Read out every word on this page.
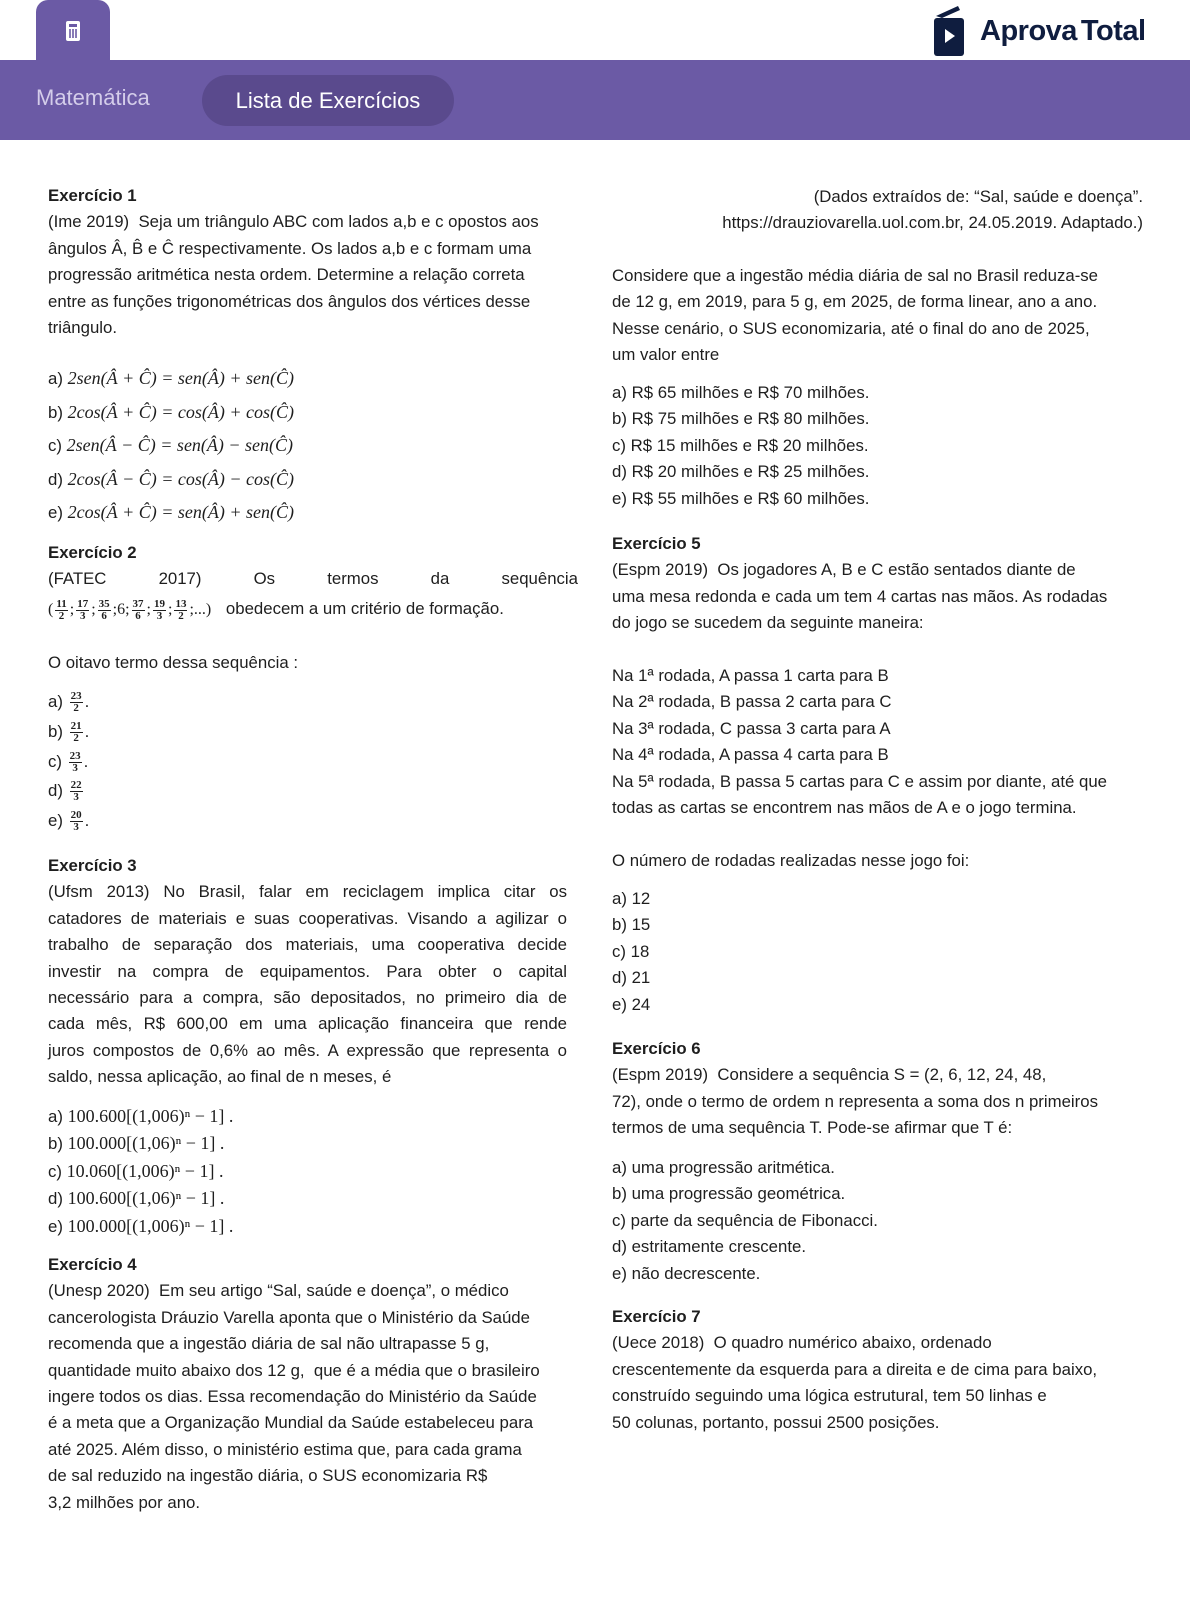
Matemática	Lista de Exercícios
Aprova Total
Exercício 1
(Ime 2019)  Seja um triângulo ABC com lados a,b e c opostos aos
ângulos Â, B̂ e Ĉ respectivamente. Os lados a,b e c formam uma
progressão aritmética nesta ordem. Determine a relação correta
entre as funções trigonométricas dos ângulos dos vértices desse
triângulo.
a) 2sen(Â + Ĉ) = sen(Â) + sen(Ĉ)
b) 2cos(Â + Ĉ) = cos(Â) + cos(Ĉ)
c) 2sen(Â − Ĉ) = sen(Â) − sen(Ĉ)
d) 2cos(Â − Ĉ) = cos(Â) − cos(Ĉ)
e) 2cos(Â + Ĉ) = sen(Â) + sen(Ĉ)
Exercício 2
(FATEC	2017)	Os	termos	da	sequência
( $\frac{11}{2}$ ; $\frac{17}{3}$ ; $\frac{35}{6}$ ;6; $\frac{37}{6}$ ; $\frac{19}{3}$ ; $\frac{13}{2}$ ;...) obedecem a um critério de formação.
O oitavo termo dessa sequência :
$a) \frac{23}{2}$ .
$b) \frac{21}{2}$ .
$c) \frac{23}{3}$ .
$d) \frac{22}{3}$
$e) \frac{20}{3}$ .
Exercício 3
(Ufsm 2013) No Brasil, falar em reciclagem implica citar os
catadores de materiais e suas cooperativas. Visando a agilizar o
trabalho de separação dos materiais, uma cooperativa decide
investir na compra de equipamentos. Para obter o capital
necessário para a compra, são depositados, no primeiro dia de
cada mês, R$ 600,00 em uma aplicação financeira que rende
juros compostos de 0,6% ao mês. A expressão que representa o
saldo, nessa aplicação, ao final de n meses, é
a) 100.600[(1,006)ⁿ − 1] .
b) 100.000[(1,06)ⁿ − 1] .
c) 10.060[(1,006)ⁿ − 1] .
d) 100.600[(1,06)ⁿ − 1] .
e) 100.000[(1,006)ⁿ − 1] .
Exercício 4
(Unesp 2020)  Em seu artigo “Sal, saúde e doença”, o médico
cancerologista Dráuzio Varella aponta que o Ministério da Saúde
recomenda que a ingestão diária de sal não ultrapasse 5 g,
quantidade muito abaixo dos 12 g,  que é a média que o brasileiro
ingere todos os dias. Essa recomendação do Ministério da Saúde
é a meta que a Organização Mundial da Saúde estabeleceu para
até 2025. Além disso, o ministério estima que, para cada grama
de sal reduzido na ingestão diária, o SUS economizaria R$
3,2 milhões por ano.
(Dados extraídos de: “Sal, saúde e doença”.
https://drauziovarella.uol.com.br, 24.05.2019. Adaptado.)
Considere que a ingestão média diária de sal no Brasil reduza-se
de 12 g, em 2019, para 5 g, em 2025, de forma linear, ano a ano.
Nesse cenário, o SUS economizaria, até o final do ano de 2025,
um valor entre
a) R$ 65 milhões e R$ 70 milhões.
b) R$ 75 milhões e R$ 80 milhões.
c) R$ 15 milhões e R$ 20 milhões.
d) R$ 20 milhões e R$ 25 milhões.
e) R$ 55 milhões e R$ 60 milhões.
Exercício 5
(Espm 2019)  Os jogadores A, B e C estão sentados diante de
uma mesa redonda e cada um tem 4 cartas nas mãos. As rodadas
do jogo se sucedem da seguinte maneira:
Na 1ª rodada, A passa 1 carta para B
Na 2ª rodada, B passa 2 carta para C
Na 3ª rodada, C passa 3 carta para A
Na 4ª rodada, A passa 4 carta para B
Na 5ª rodada, B passa 5 cartas para C e assim por diante, até que
todas as cartas se encontrem nas mãos de A e o jogo termina.
O número de rodadas realizadas nesse jogo foi:
a) 12
b) 15
c) 18
d) 21
e) 24
Exercício 6
(Espm 2019)  Considere a sequência S = (2, 6, 12, 24, 48,
72), onde o termo de ordem n representa a soma dos n primeiros
termos de uma sequência T. Pode-se afirmar que T é:
a) uma progressão aritmética.
b) uma progressão geométrica.
c) parte da sequência de Fibonacci.
d) estritamente crescente.
e) não decrescente.
Exercício 7
(Uece 2018)  O quadro numérico abaixo, ordenado
crescentemente da esquerda para a direita e de cima para baixo,
construído seguindo uma lógica estrutural, tem 50 linhas e
50 colunas, portanto, possui 2500 posições.
